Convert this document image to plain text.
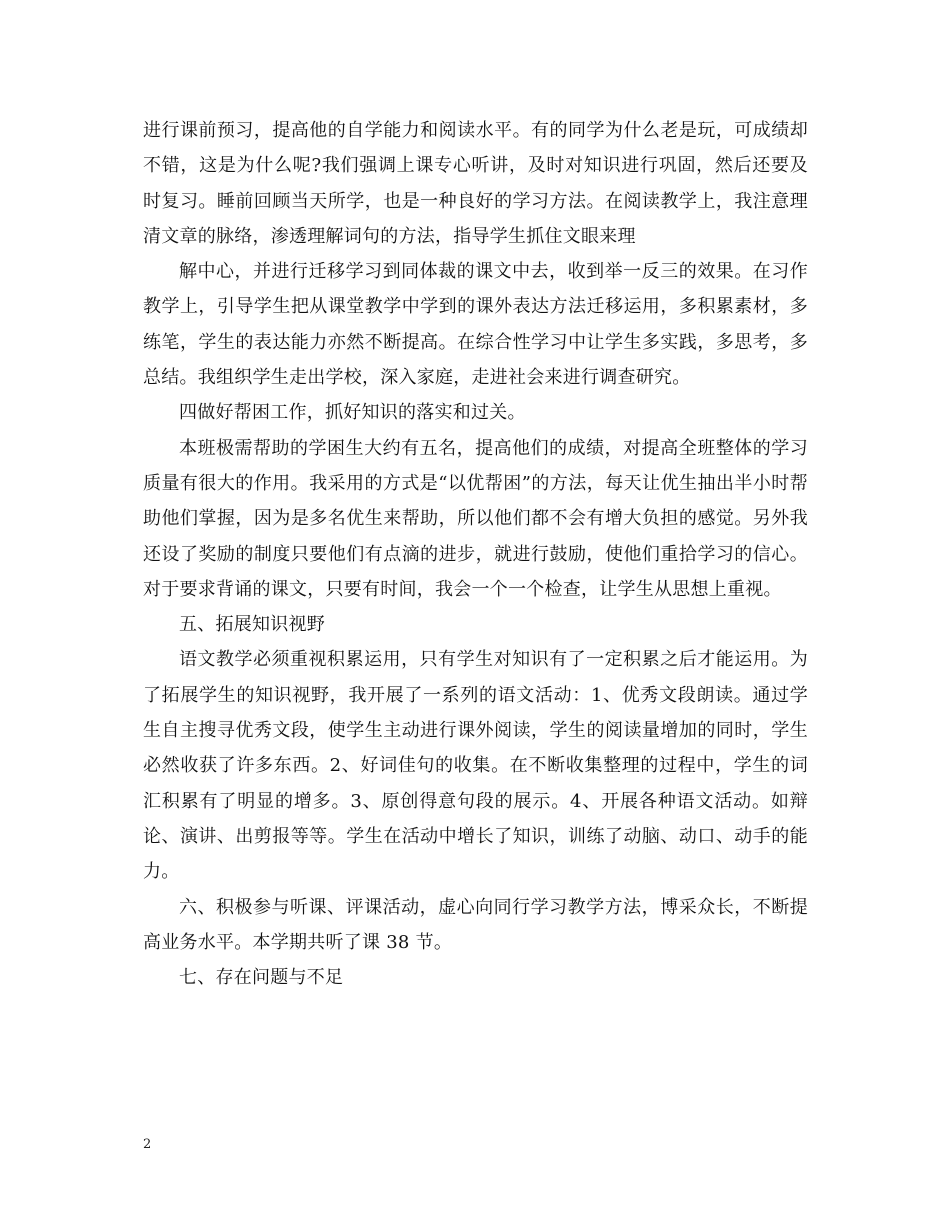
进行课前预习，提高他的自学能力和阅读水平。有的同学为什么老是玩，可成绩却不错，这是为什么呢?我们强调上课专心听讲，及时对知识进行巩固，然后还要及时复习。睡前回顾当天所学，也是一种良好的学习方法。在阅读教学上，我注意理清文章的脉络，渗透理解词句的方法，指导学生抓住文眼来理

解中心，并进行迁移学习到同体裁的课文中去，收到举一反三的效果。在习作教学上，引导学生把从课堂教学中学到的课外表达方法迁移运用，多积累素材，多练笔，学生的表达能力亦然不断提高。在综合性学习中让学生多实践，多思考，多总结。我组织学生走出学校，深入家庭，走进社会来进行调查研究。

四做好帮困工作，抓好知识的落实和过关。

本班极需帮助的学困生大约有五名，提高他们的成绩，对提高全班整体的学习质量有很大的作用。我采用的方式是“以优帮困”的方法，每天让优生抽出半小时帮助他们掌握，因为是多名优生来帮助，所以他们都不会有增大负担的感觉。另外我还设了奖励的制度只要他们有点滴的进步，就进行鼓励，使他们重拾学习的信心。对于要求背诵的课文，只要有时间，我会一个一个检查，让学生从思想上重视。

五、拓展知识视野

语文教学必须重视积累运用，只有学生对知识有了一定积累之后才能运用。为了拓展学生的知识视野，我开展了一系列的语文活动：1、优秀文段朗读。通过学生自主搜寻优秀文段，使学生主动进行课外阅读，学生的阅读量增加的同时，学生必然收获了许多东西。2、好词佳句的收集。在不断收集整理的过程中，学生的词汇积累有了明显的增多。3、原创得意句段的展示。4、开展各种语文活动。如辩论、演讲、出剪报等等。学生在活动中增长了知识，训练了动脑、动口、动手的能力。

六、积极参与听课、评课活动，虚心向同行学习教学方法，博采众长，不断提高业务水平。本学期共听了课 38 节。

七、存在问题与不足

2
